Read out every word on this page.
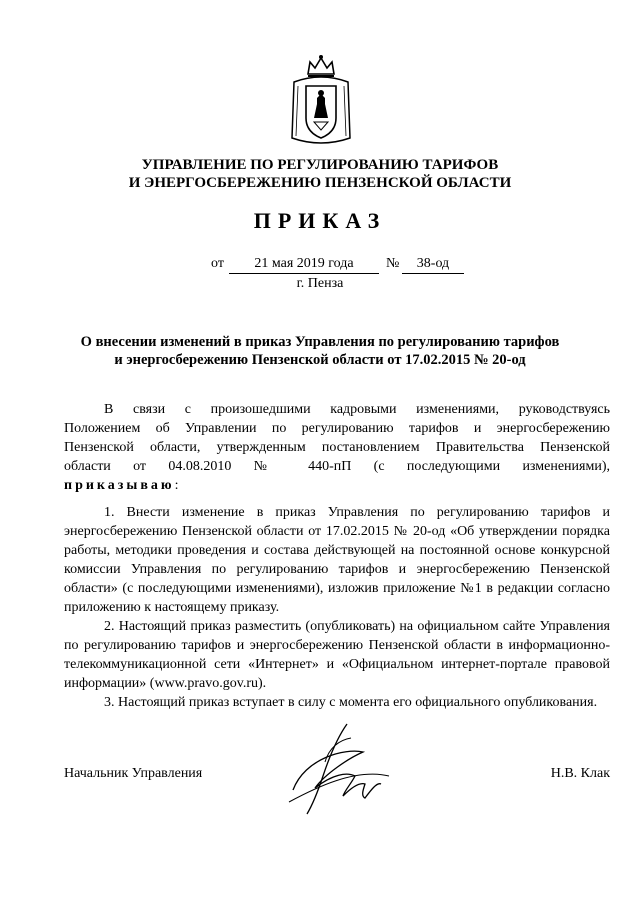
УПРАВЛЕНИЕ ПО РЕГУЛИРОВАНИЮ ТАРИФОВ
И ЭНЕРГОСБЕРЕЖЕНИЮ ПЕНЗЕНСКОЙ ОБЛАСТИ
ПРИКАЗ
от	21 мая 2019 года	№	38-од
г. Пенза
О внесении изменений в приказ Управления по регулированию тарифов
и энергосбережению Пензенской области от 17.02.2015 № 20-од

В связи с произошедшими кадровыми изменениями, руководствуясь

Положением об Управлении по регулированию тарифов и энергосбережению

Пензенской области, утвержденным постановлением Правительства Пензенской

области от 04.08.2010 № 440-пП (с последующими изменениями),

приказываю:

1. Внести изменение в приказ Управления по регулированию тарифов и энергосбережению Пензенской области от 17.02.2015 № 20-од «Об утверждении порядка работы, методики проведения и состава действующей на постоянной основе конкурсной комиссии Управления по регулированию тарифов и энергосбережению Пензенской области» (с последующими изменениями), изложив приложение №1 в редакции согласно приложению к настоящему приказу.

2. Настоящий приказ разместить (опубликовать) на официальном сайте Управления по регулированию тарифов и энергосбережению Пензенской области в информационно-телекоммуникационной сети «Интернет» и «Официальном интернет-портале правовой информации» (www.pravo.gov.ru).

3. Настоящий приказ вступает в силу с момента его официального опубликования.

Начальник Управления	Н.В. Клак
